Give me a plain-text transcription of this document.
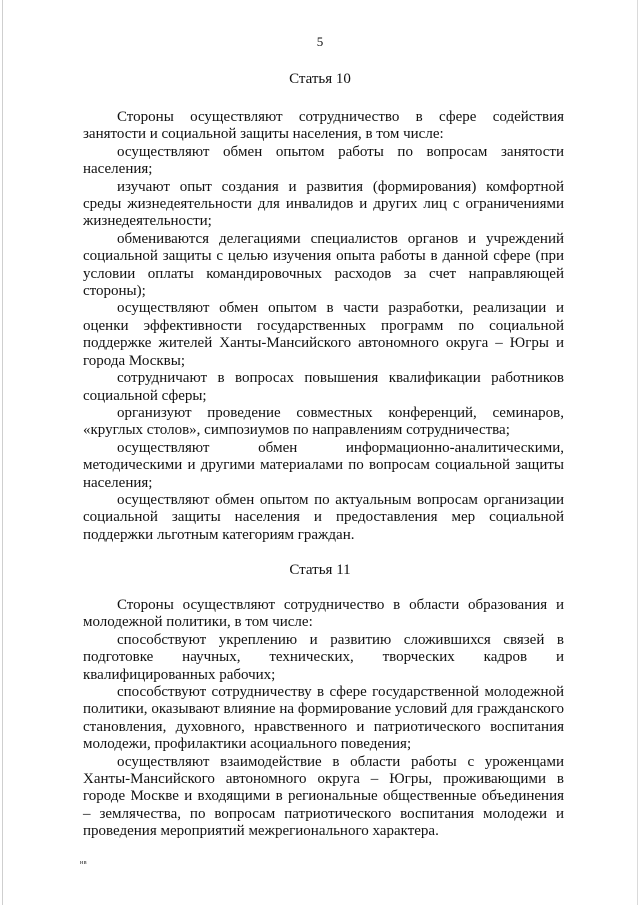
5
Статья 10

Стороны осуществляют сотрудничество в сфере содействия занятости и социальной защиты населения, в том числе:

осуществляют обмен опытом работы по вопросам занятости населения;

изучают опыт создания и развития (формирования) комфортной среды жизнедеятельности для инвалидов и других лиц с ограничениями жизнедеятельности;

обмениваются делегациями специалистов органов и учреждений социальной защиты с целью изучения опыта работы в данной сфере (при условии оплаты командировочных расходов за счет направляющей стороны);

осуществляют обмен опытом в части разработки, реализации и оценки эффективности государственных программ по социальной поддержке жителей Ханты-Мансийского автономного округа – Югры и города Москвы;

сотрудничают в вопросах повышения квалификации работников социальной сферы;

организуют проведение совместных конференций, семинаров, «круглых столов», симпозиумов по направлениям сотрудничества;

осуществляют обмен информационно-аналитическими, методическими и другими материалами по вопросам социальной защиты населения;

осуществляют обмен опытом по актуальным вопросам организации социальной защиты населения и предоставления мер социальной поддержки льготным категориям граждан.

Статья 11

Стороны осуществляют сотрудничество в области образования и молодежной политики, в том числе:

способствуют укреплению и развитию сложившихся связей в подготовке научных, технических, творческих кадров и квалифицированных рабочих;

способствуют сотрудничеству в сфере государственной молодежной политики, оказывают влияние на формирование условий для гражданского становления, духовного, нравственного и патриотического воспитания молодежи, профилактики асоциального поведения;

осуществляют взаимодействие в области работы с уроженцами Ханты-Мансийского автономного округа – Югры, проживающими в городе Москве и входящими в региональные общественные объединения – землячества, по вопросам патриотического воспитания молодежи и проведения мероприятий межрегионального характера.

нв
